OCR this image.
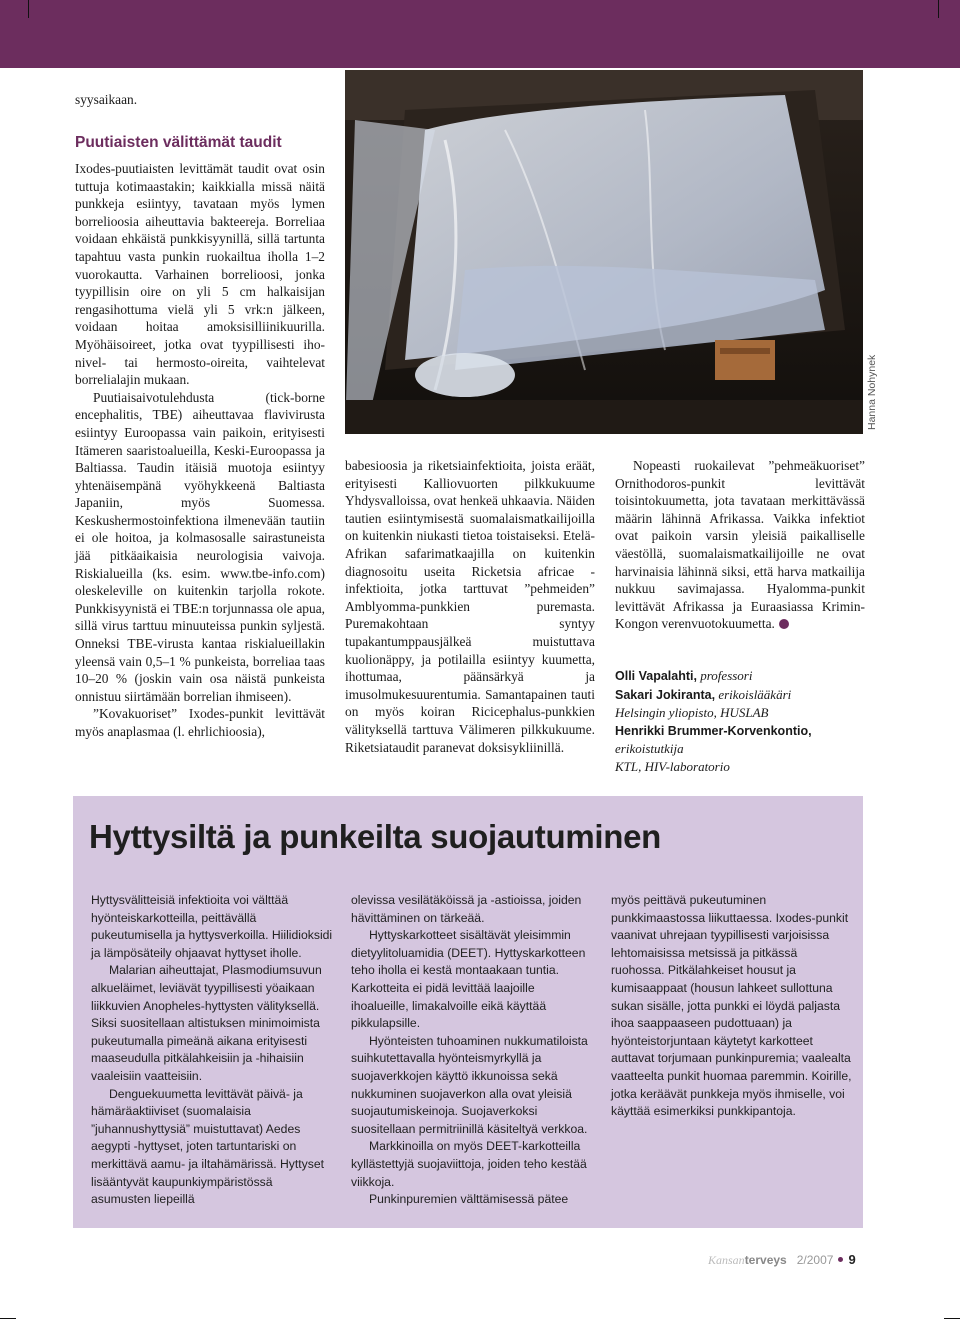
syysaikaan.
Puutiaisten välittämät taudit

Ixodes-puutiaisten levittämät taudit ovat osin tuttuja kotimaastakin; kaikkialla missä näitä punkkeja esiintyy, tavataan myös lymen borrelioosia aiheuttavia bakteereja. Borreliaa voidaan ehkäistä punkkisyynillä, sillä tartunta tapahtuu vasta punkin ruokailtua iholla 1–2 vuorokautta. Varhainen borrelioosi, jonka tyypillisin oire on yli 5 cm halkaisijan rengasihottuma vielä yli 5 vrk:n jälkeen, voidaan hoitaa amoksisilliinikuurilla. Myöhäisoireet, jotka ovat tyypillisesti iho- nivel- tai hermosto-oireita, vaihtelevat borrelialajin mukaan.

Puutiaisaivotulehdusta (tick-borne encephalitis, TBE) aiheuttavaa flavivirusta esiintyy Euroopassa vain paikoin, erityisesti Itämeren saaristoalueilla, Keski-Euroopassa ja Baltiassa. Taudin itäisiä muotoja esiintyy yhtenäisempänä vyöhykkeenä Baltiasta Japaniin, myös Suomessa. Keskushermostoinfektiona ilmenevään tautiin ei ole hoitoa, ja kolmasosalle sairastuneista jää pitkäaikaisia neurologisia vaivoja. Riskialueilla (ks. esim. www.tbe-info.com) oleskeleville on kuitenkin tarjolla rokote. Punkkisyynistä ei TBE:n torjunnassa ole apua, sillä virus tarttuu minuuteissa punkin syljestä. Onneksi TBE-virusta kantaa riskialueillakin yleensä vain 0,5–1 % punkeista, borreliaa taas 10–20 % (joskin vain osa näistä punkeista onnistuu siirtämään borrelian ihmiseen).

”Kovakuoriset” Ixodes-punkit levittävät myös anaplasmaa (l. ehrlichioosia),

Hanna Nohynek

babesioosia ja riketsiainfektioita, joista eräät, erityisesti Kalliovuorten pilkkukuume Yhdysvalloissa, ovat henkeä uhkaavia. Näiden tautien esiintymisestä suomalaismatkailijoilla on kuitenkin niukasti tietoa toistaiseksi. Etelä-Afrikan safarimatkaajilla on kuitenkin diagnosoitu useita Ricketsia africae -infektioita, jotka tarttuvat ”pehmeiden” Amblyomma-punkkien puremasta. Puremakohtaan syntyy tupakantumppausjälkeä muistuttava kuolionäppy, ja potilailla esiintyy kuumetta, ihottumaa, päänsärkyä ja imusolmukesuurentumia. Samantapainen tauti on myös koiran Ricicephalus-punkkien välityksellä tarttuva Välimeren pilkkukuume. Riketsiataudit paranevat doksisykliinillä.

Nopeasti ruokailevat ”pehmeäkuoriset” Ornithodoros-punkit levittävät toisintokuumetta, jota tavataan merkittävässä määrin lähinnä Afrikassa. Vaikka infektiot ovat paikoin varsin yleisiä paikalliselle väestöllä, suomalaismatkailijoille ne ovat harvinaisia lähinnä siksi, että harva matkailija nukkuu savimajassa. Hyalomma-punkit levittävät Afrikassa ja Euraasiassa Krimin-Kongon verenvuotokuumetta.

Olli Vapalahti, professori
Sakari Jokiranta, erikoislääkäri
Helsingin yliopisto, HUSLAB
Henrikki Brummer-Korvenkontio, erikoistutkija
KTL, HIV-laboratorio
Hyttysiltä ja punkeilta suojautuminen

Hyttysvälitteisiä infektioita voi välttää hyönteiskarkotteilla, peittävällä pukeutumisella ja hyttysverkoilla. Hiilidioksidi ja lämpösäteily ohjaavat hyttyset iholle.

Malarian aiheuttajat, Plasmodiumsuvun alkueläimet, leviävät tyypillisesti yöaikaan liikkuvien Anopheles-hyttysten välityksellä. Siksi suositellaan altistuksen minimoimista pukeutumalla pimeänä aikana erityisesti maaseudulla pitkälahkeisiin ja -hihaisiin vaaleisiin vaatteisiin.

Denguekuumetta levittävät päivä- ja hämäräaktiiviset (suomalaisia ”juhannushyttysiä” muistuttavat) Aedes aegypti -hyttyset, joten tartuntariski on merkittävä aamu- ja iltahämärissä. Hyttyset lisääntyvät kaupunkiympäristössä asumusten liepeillä

olevissa vesilätäköissä ja -astioissa, joiden hävittäminen on tärkeää.

Hyttyskarkotteet sisältävät yleisimmin dietyylitoluamidia (DEET). Hyttyskarkotteen teho iholla ei kestä montaakaan tuntia. Karkotteita ei pidä levittää laajoille ihoalueille, limakalvoille eikä käyttää pikkulapsille.

Hyönteisten tuhoaminen nukkumatiloista suihkutettavalla hyönteismyrkyllä ja suojaverkkojen käyttö ikkunoissa sekä nukkuminen suojaverkon alla ovat yleisiä suojautumiskeinoja. Suojaverkoksi suositellaan permitriinillä käsiteltyä verkkoa.

Markkinoilla on myös DEET-karkotteilla kyllästettyjä suojaviittoja, joiden teho kestää viikkoja.

Punkinpuremien välttämisessä pätee

myös peittävä pukeutuminen punkkimaastossa liikuttaessa. Ixodes-punkit vaanivat uhrejaan tyypillisesti varjoisissa lehtomaisissa metsissä ja pitkässä ruohossa. Pitkälahkeiset housut ja kumisaappaat (housun lahkeet sullottuna sukan sisälle, jotta punkki ei löydä paljasta ihoa saappaaseen pudottuaan) ja hyönteistorjuntaan käytetyt karkotteet auttavat torjumaan punkinpuremia; vaalealta vaatteelta punkit huomaa paremmin. Koirille, jotka keräävät punkkeja myös ihmiselle, voi käyttää esimerkiksi punkkipantoja.

Kansanterveys 2/2007 9
